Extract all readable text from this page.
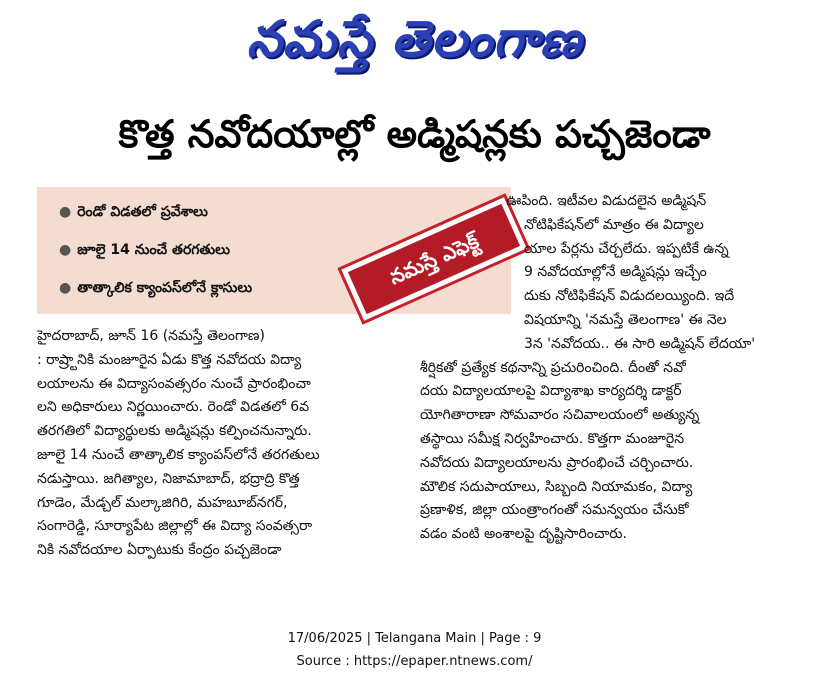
నమస్తే తెలంగాణ
కొత్త నవోదయాల్లో అడ్మిషన్లకు పచ్చజెండా
● రెండో విడతలో ప్రవేశాలు
● జూలై 14 నుంచే తరగతులు
● తాత్కాలిక క్యాంపస్‌లోనే క్లాసులు	నమస్తే ఎఫెక్ట్
హైదరాబాద్, జూన్ 16 (నమస్తే తెలంగాణ)
: రాష్ర్టానికి మంజూరైన ఏడు కొత్త నవోదయ విద్యా
లయాలను ఈ విద్యాసంవత్సరం నుంచే ప్రారంభించా
లని అధికారులు నిర్ణయించారు. రెండో విడతలో 6వ
తరగతిలో విద్యార్థులకు అడ్మిషన్లు కల్పించనున్నారు.
జూలై 14 నుంచే తాత్కాలిక క్యాంపస్‌లోనే తరగతులు
నడుస్తాయి. జగిత్యాల, నిజామాబాద్, భద్రాద్రి కొత్త
గూడెం, మేడ్చల్ మల్కాజిగిరి, మహబూబ్‌నగర్,
సంగారెడ్డి, సూర్యాపేట జిల్లాల్లో ఈ విద్యా సంవత్సరా
నికి నవోదయాల ఏర్పాటుకు కేంద్రం పచ్చజెండా
ఊపింది. ఇటీవల విడుదలైన అడ్మిషన్
నోటిఫికేషన్‌లో మాత్రం ఈ విద్యాల
యాల పేర్లను చేర్చలేదు. ఇప్పటికే ఉన్న
9 నవోదయాల్లోనే అడ్మిషన్లు ఇచ్చేం
దుకు నోటిఫికేషన్ విడుదలయ్యింది. ఇదే
విషయాన్ని 'నమస్తే తెలంగాణ' ఈ నెల
3న 'నవోదయ.. ఈ సారి అడ్మిషన్ లేదయా'
శీర్షికతో ప్రత్యేక కథనాన్ని ప్రచురించింది. దీంతో నవో
దయ విద్యాలయాలపై విద్యాశాఖ కార్యదర్శి డాక్టర్
యోగితారాణా సోమవారం సచివాలయంలో అత్యున్న
తస్థాయి సమీక్ష నిర్వహించారు. కొత్తగా మంజూరైన
నవోదయ విద్యాలయాలను ప్రారంభించే చర్చించారు.
మౌలిక సదుపాయాలు, సిబ్బంది నియామకం, విద్యా
ప్రణాళిక, జిల్లా యంత్రాంగంతో సమన్వయం చేసుకో
వడం వంటి అంశాలపై దృష్టిసారించారు.
17/06/2025 | Telangana Main | Page : 9
Source : https://epaper.ntnews.com/
